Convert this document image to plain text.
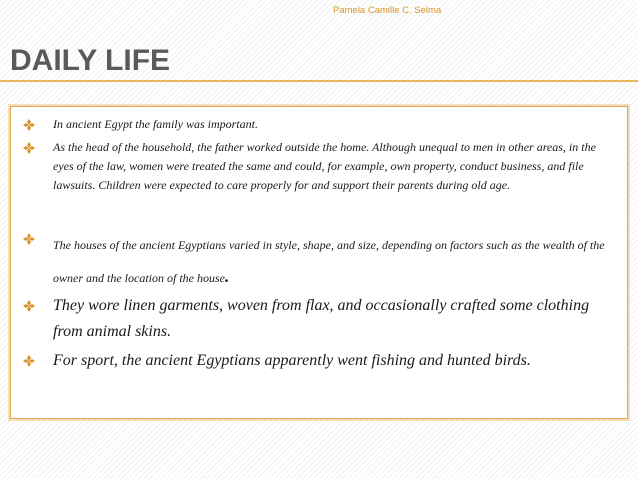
Pamela Camille C. Selma
DAILY LIFE
In ancient Egypt the family was important.
As the head of the household, the father worked outside the home. Although unequal to men in other areas, in the eyes of the law, women were treated the same and could, for example, own property, conduct business, and file lawsuits. Children were expected to care properly for and support their parents during old age.
The houses of the ancient Egyptians varied in style, shape, and size, depending on factors such as the wealth of the owner and the location of the house.
They wore linen garments, woven from flax, and occasionally crafted some clothing from animal skins.
For sport, the ancient Egyptians apparently went fishing and hunted birds.
